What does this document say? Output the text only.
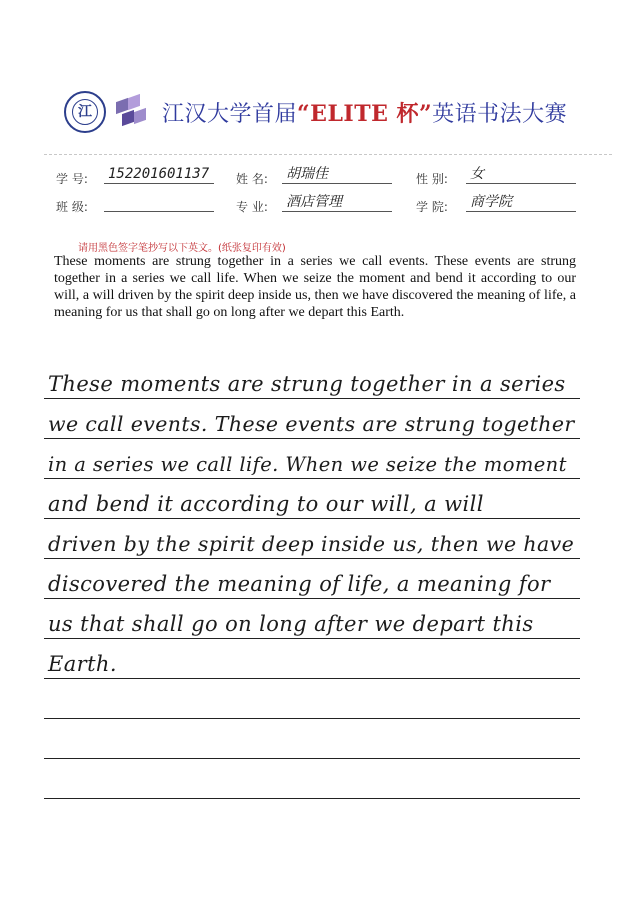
江	江汉大学首届“ELITE 杯”英语书法大赛
学 号: 152201601137	姓 名: 胡瑞佳	性 别: 女
班 级:	专 业: 酒店管理	学 院: 商学院
请用黑色签字笔抄写以下英文。(纸张复印有效)
These moments are strung together in a series we call events. These events are strung together in a series we call life. When we seize the moment and bend it according to our will, a will driven by the spirit deep inside us, then we have discovered the meaning of life, a meaning for us that shall go on long after we depart this Earth.
These moments are strung together in a series
we call events. These events are strung together
in a series we call life. When we seize the moment
and bend it according to our will, a will
driven by the spirit deep inside us, then we have
discovered the meaning of life, a meaning for
us that shall go on long after we depart this
Earth.
